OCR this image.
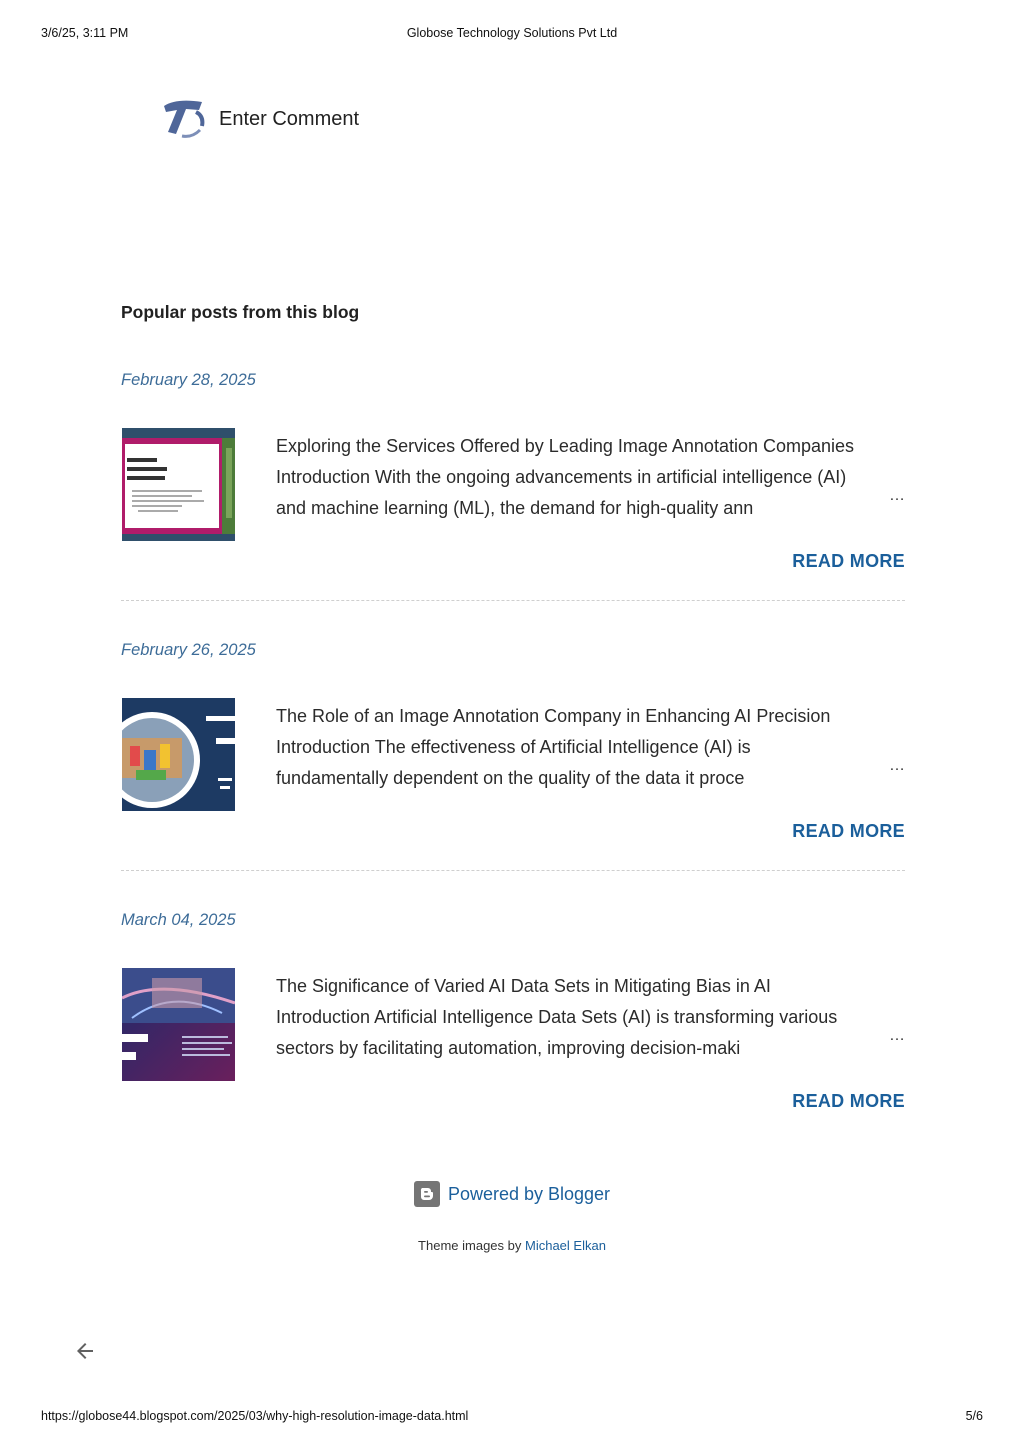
3/6/25, 3:11 PM	Globose Technology Solutions Pvt Ltd
Enter Comment
Popular posts from this blog
February 28, 2025
Exploring the Services Offered by Leading Image Annotation Companies
Introduction With the ongoing advancements in artificial intelligence (AI)
and machine learning (ML), the demand for high-quality ann
…
READ MORE
February 26, 2025
The Role of an Image Annotation Company in Enhancing AI Precision
Introduction The effectiveness of Artificial Intelligence (AI) is
fundamentally dependent on the quality of the data it proce
…
READ MORE
March 04, 2025
The Significance of Varied AI Data Sets in Mitigating Bias in AI
Introduction Artificial Intelligence Data Sets (AI) is transforming various
sectors by facilitating automation, improving decision-maki
…
READ MORE
Powered by Blogger
Theme images by Michael Elkan
https://globose44.blogspot.com/2025/03/why-high-resolution-image-data.html	5/6
